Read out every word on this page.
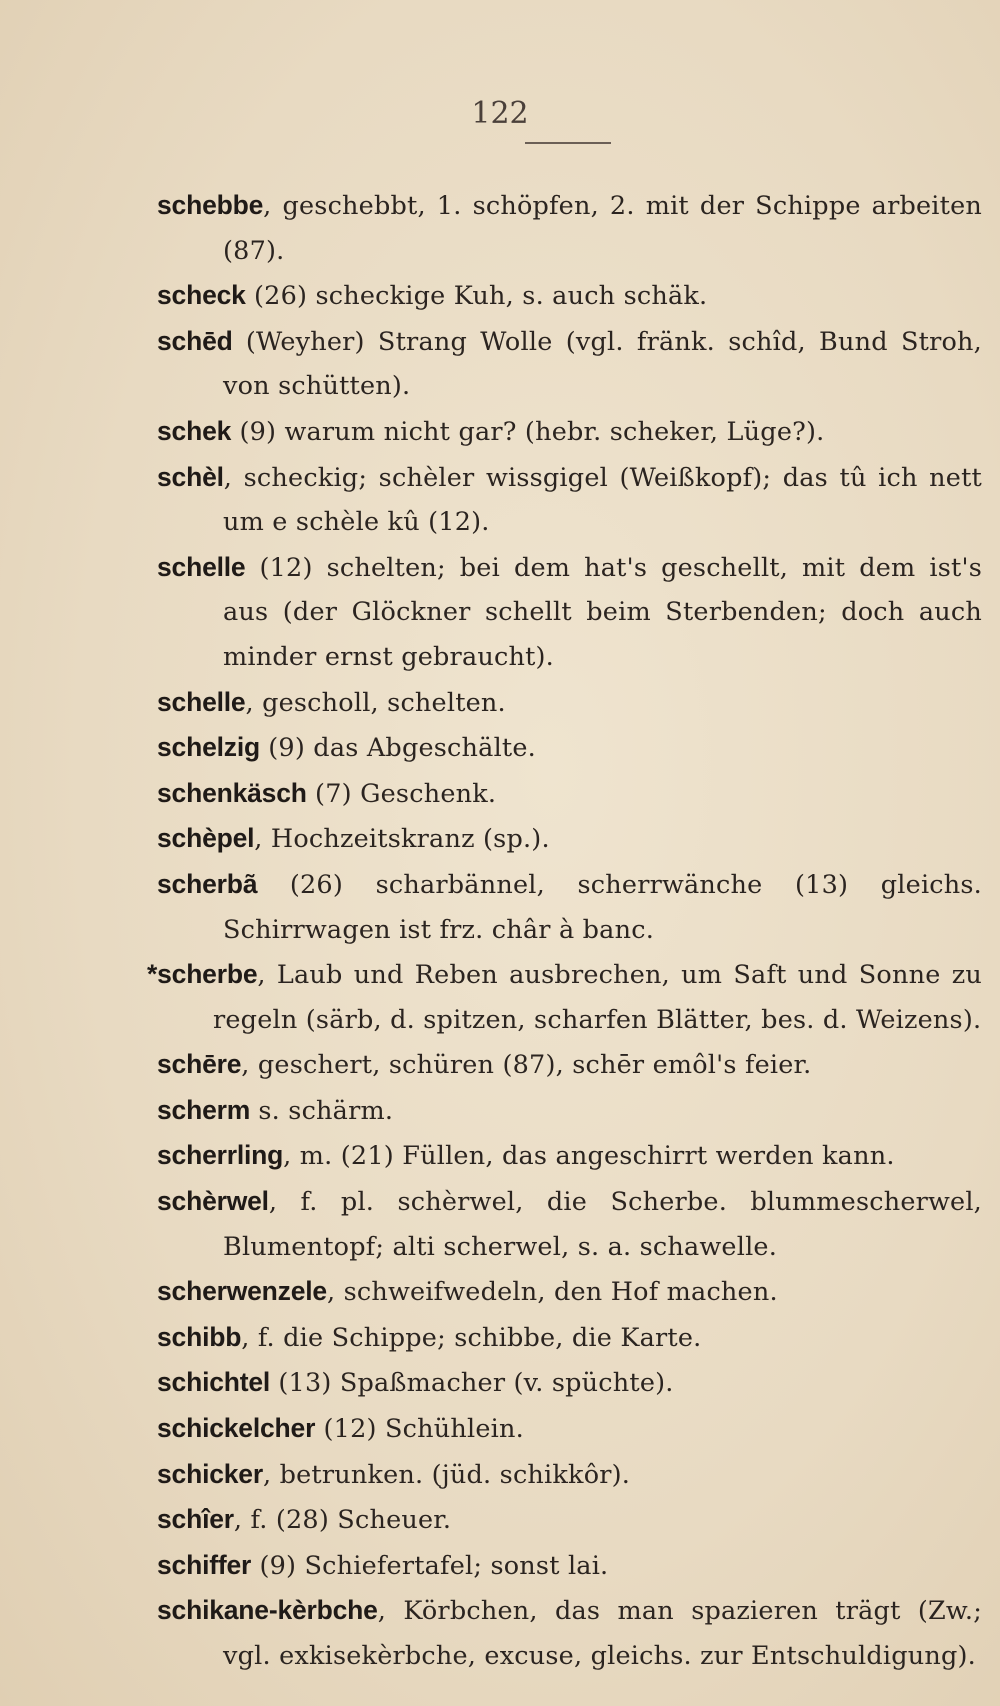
122
schebbe, geschebbt, 1. schöpfen, 2. mit der Schippe arbeiten (87).
scheck (26) scheckige Kuh, s. auch schäk.
schēd (Weyher) Strang Wolle (vgl. fränk. schîd, Bund Stroh, von schütten).
schek (9) warum nicht gar? (hebr. scheker, Lüge?).
schèl, scheckig; schèler wissgigel (Weißkopf); das tû ich nett um e schèle kû (12).
schelle (12) schelten; bei dem hat's geschellt, mit dem ist's aus (der Glöckner schellt beim Sterbenden; doch auch minder ernst gebraucht).
schelle, gescholl, schelten.
schelzig (9) das Abgeschälte.
schenkäsch (7) Geschenk.
schèpel, Hochzeitskranz (sp.).
scherba͂ (26) scharbännel, scherrwänche (13) gleichs. Schirrwagen ist frz. châr à banc.
*scherbe, Laub und Reben ausbrechen, um Saft und Sonne zu regeln (särb, d. spitzen, scharfen Blätter, bes. d. Weizens).
schēre, geschert, schüren (87), schēr emôl's feier.
scherm s. schärm.
scherrling, m. (21) Füllen, das angeschirrt werden kann.
schèrwel, f. pl. schèrwel, die Scherbe. blummescherwel, Blumentopf; alti scherwel, s. a. schawelle.
scherwenzele, schweifwedeln, den Hof machen.
schibb, f. die Schippe; schibbe, die Karte.
schichtel (13) Spaßmacher (v. spüchte).
schickelcher (12) Schühlein.
schicker, betrunken. (jüd. schikkôr).
schîer, f. (28) Scheuer.
schiffer (9) Schiefertafel; sonst lai.
schikane-kèrbche, Körbchen, das man spazieren trägt (Zw.; vgl. exkisekèrbche, excuse, gleichs. zur Entschuldigung).
